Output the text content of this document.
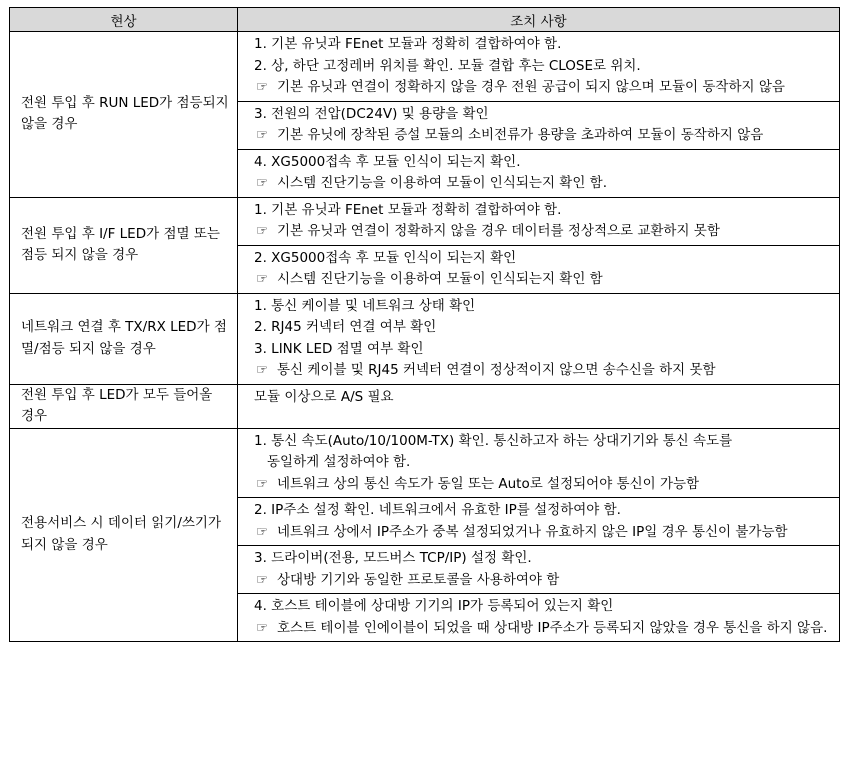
현상	조치 사항
전원 투입 후 RUN LED가 점등되지 않을 경우	1. 기본 유닛과 FEnet 모듈과 정확히 결합하여야 함.
2. 상, 하단 고정레버 위치를 확인. 모듈 결합 후는 CLOSE로 위치.
☞ 기본 유닛과 연결이 정확하지 않을 경우 전원 공급이 되지 않으며 모듈이 동작하지 않음

	3. 전원의 전압(DC24V) 및 용량을 확인
☞ 기본 유닛에 장착된 증설 모듈의 소비전류가 용량을 초과하여 모듈이 동작하지 않음

	4. XG5000접속 후 모듈 인식이 되는지 확인.
☞ 시스템 진단기능을 이용하여 모듈이 인식되는지 확인 함.

전원 투입 후 I/F LED가 점멸 또는 점등 되지 않을 경우	1. 기본 유닛과 FEnet 모듈과 정확히 결합하여야 함.
☞ 기본 유닛과 연결이 정확하지 않을 경우 데이터를 정상적으로 교환하지 못함

	2. XG5000접속 후 모듈 인식이 되는지 확인
☞ 시스템 진단기능을 이용하여 모듈이 인식되는지 확인 함

네트워크 연결 후 TX/RX LED가 점멸/점등 되지 않을 경우	1. 통신 케이블 및 네트워크 상태 확인
2. RJ45 커넥터 연결 여부 확인
3. LINK LED 점멸 여부 확인
☞ 통신 케이블 및 RJ45 커넥터 연결이 정상적이지 않으면 송수신을 하지 못함

전원 투입 후 LED가 모두 들어올 경우	모듈 이상으로 A/S 필요

전용서비스 시 데이터 읽기/쓰기가 되지 않을 경우	1. 통신 속도(Auto/10/100M-TX) 확인. 통신하고자 하는 상대기기와 통신 속도를
동일하게 설정하여야 함.
☞ 네트워크 상의 통신 속도가 동일 또는 Auto로 설정되어야 통신이 가능함

	2. IP주소 설정 확인. 네트워크에서 유효한 IP를 설정하여야 함.
☞ 네트워크 상에서 IP주소가 중복 설정되었거나 유효하지 않은 IP일 경우 통신이 불가능함

	3. 드라이버(전용, 모드버스 TCP/IP) 설정 확인.
☞ 상대방 기기와 동일한 프로토콜을 사용하여야 함

	4. 호스트 테이블에 상대방 기기의 IP가 등록되어 있는지 확인
☞ 호스트 테이블 인에이블이 되었을 때 상대방 IP주소가 등록되지 않았을 경우 통신을 하지 않음.
